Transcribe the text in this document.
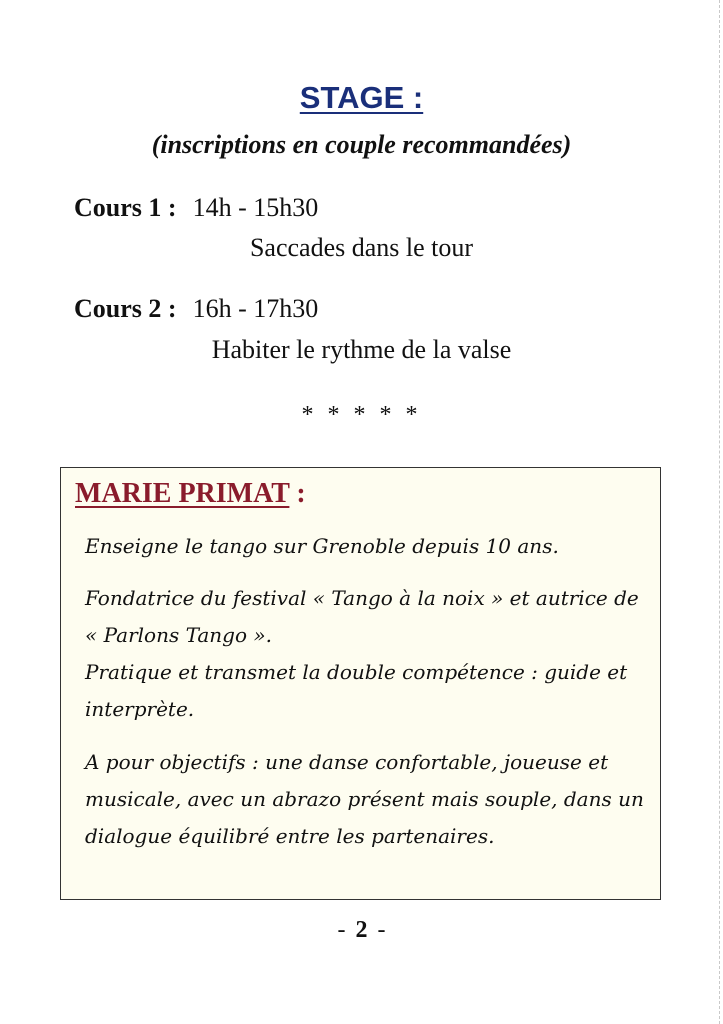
STAGE :
(inscriptions en couple recommandées)
Cours 1 : 14h - 15h30
Saccades dans le tour
Cours 2 : 16h - 17h30
Habiter le rythme de la valse
* * * * *
MARIE PRIMAT :
Enseigne le tango sur Grenoble depuis 10 ans.
Fondatrice du festival « Tango à la noix » et autrice de « Parlons Tango ».
Pratique et transmet la double compétence : guide et interprète.
A pour objectifs : une danse confortable, joueuse et musicale, avec un abrazo présent mais souple, dans un dialogue équilibré entre les partenaires.
- 2 -
